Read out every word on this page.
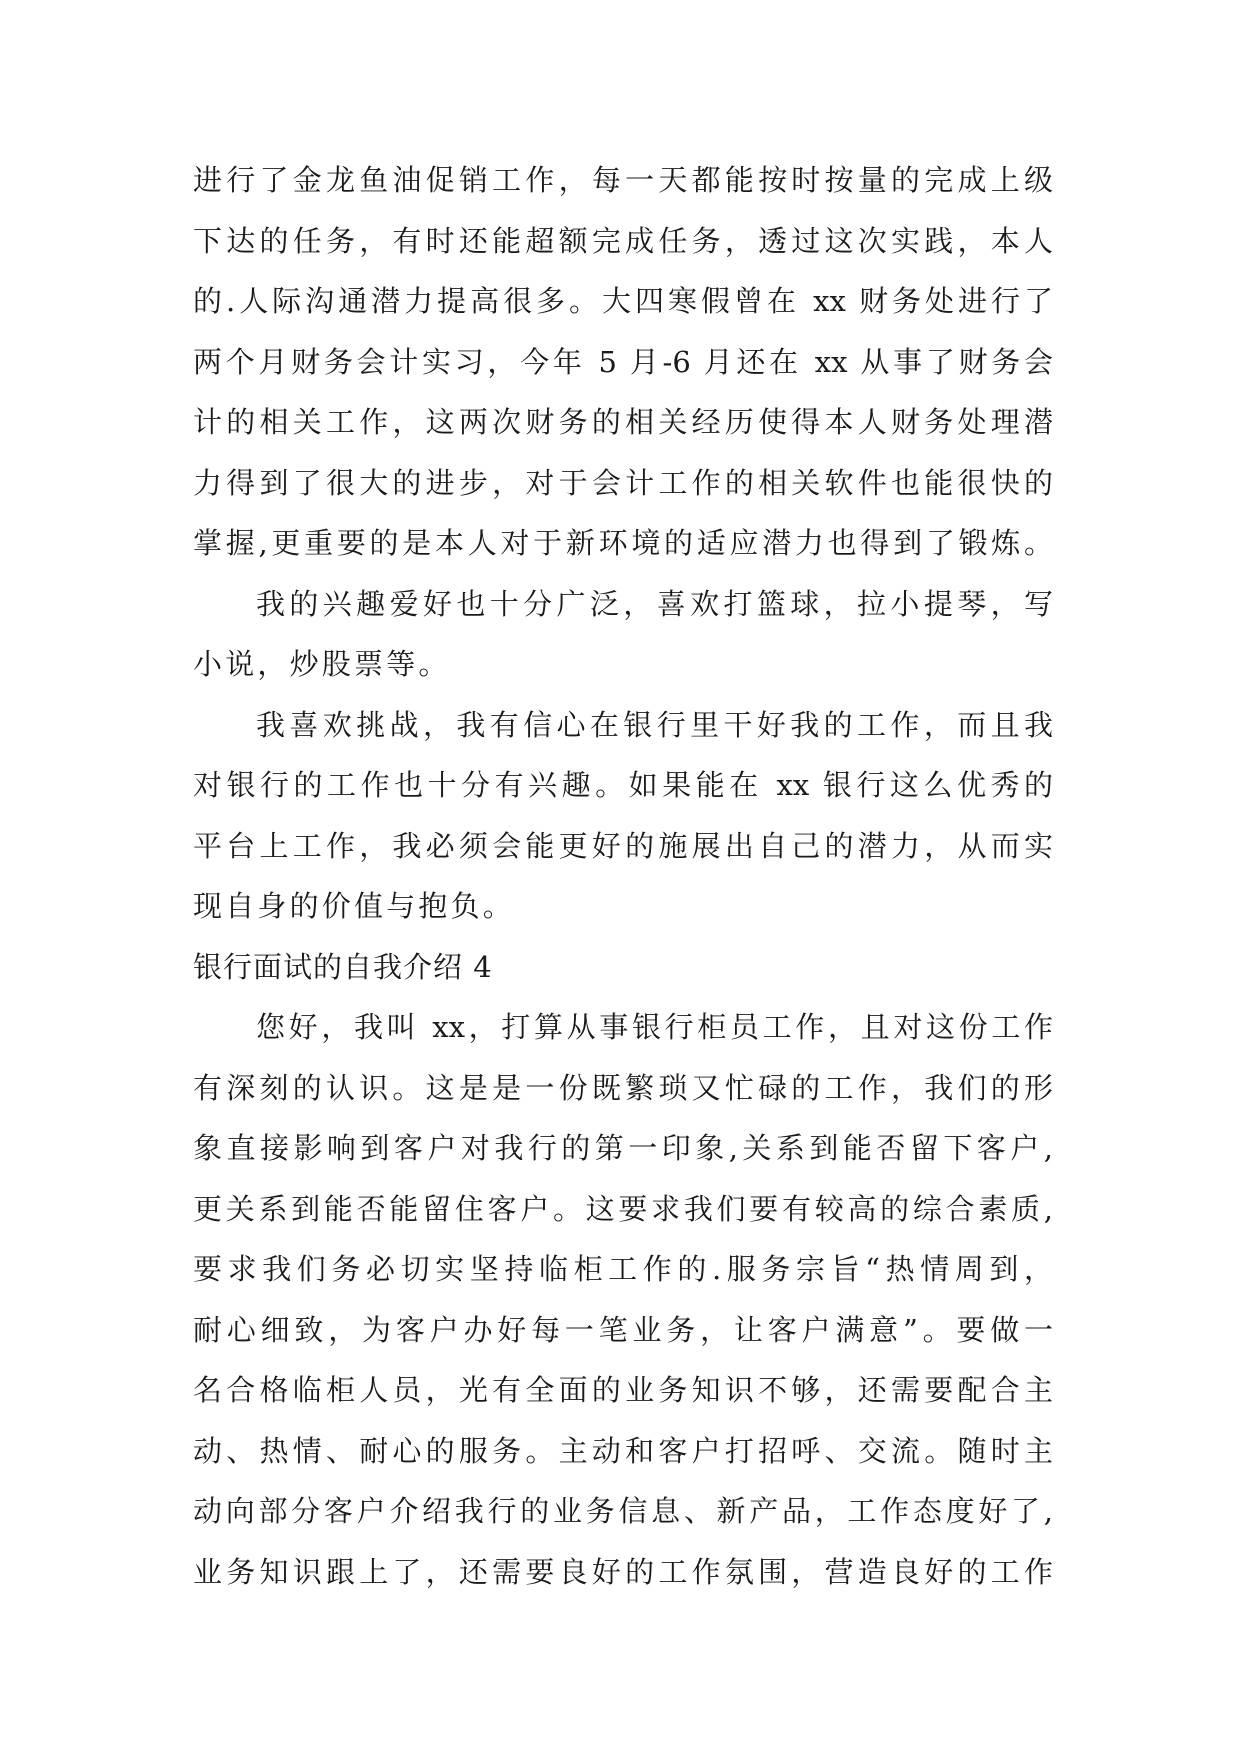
进行了金龙鱼油促销工作，每一天都能按时按量的完成上级
下达的任务，有时还能超额完成任务，透过这次实践，本人
的.人际沟通潜力提高很多。大四寒假曾在 xx 财务处进行了
两个月财务会计实习，今年 5 月-6 月还在 xx 从事了财务会
计的相关工作，这两次财务的相关经历使得本人财务处理潜
力得到了很大的进步，对于会计工作的相关软件也能很快的
掌握,更重要的是本人对于新环境的适应潜力也得到了锻炼。
我的兴趣爱好也十分广泛，喜欢打篮球，拉小提琴，写
小说，炒股票等。
我喜欢挑战，我有信心在银行里干好我的工作，而且我
对银行的工作也十分有兴趣。如果能在 xx 银行这么优秀的
平台上工作，我必须会能更好的施展出自己的潜力，从而实
现自身的价值与抱负。
银行面试的自我介绍 4
您好，我叫 xx，打算从事银行柜员工作，且对这份工作
有深刻的认识。这是是一份既繁琐又忙碌的工作，我们的形
象直接影响到客户对我行的第一印象,关系到能否留下客户,
更关系到能否能留住客户。这要求我们要有较高的综合素质,
要求我们务必切实坚持临柜工作的.服务宗旨“热情周到，
耐心细致，为客户办好每一笔业务，让客户满意”。要做一
名合格临柜人员，光有全面的业务知识不够，还需要配合主
动、热情、耐心的服务。主动和客户打招呼、交流。随时主
动向部分客户介绍我行的业务信息、新产品，工作态度好了,
业务知识跟上了，还需要良好的工作氛围，营造良好的工作
